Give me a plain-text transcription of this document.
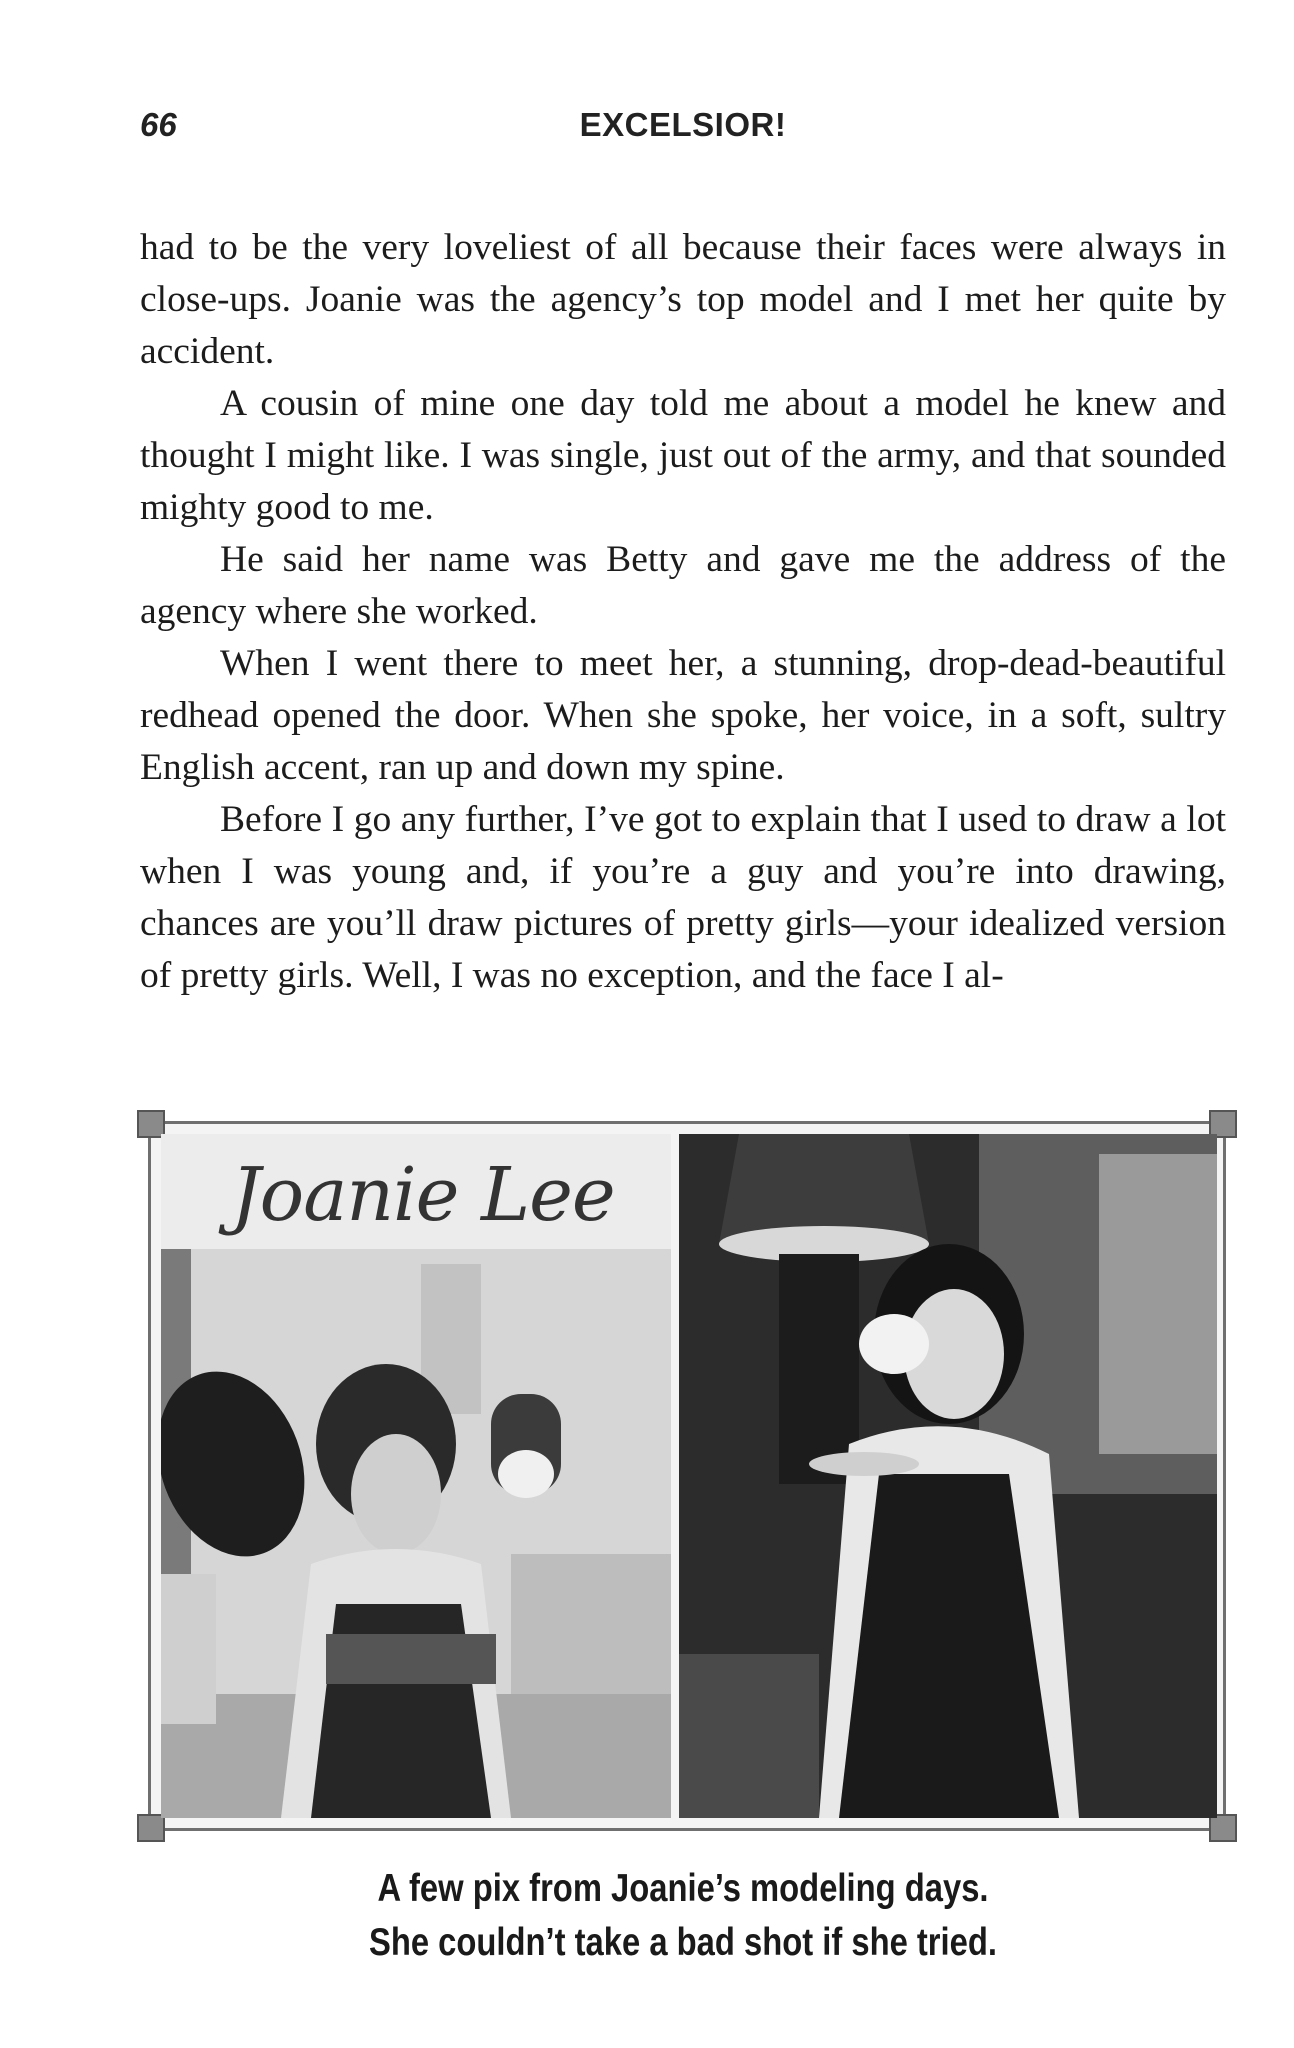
66	EXCELSIOR!

had to be the very loveliest of all because their faces were always in close-ups. Joanie was the agency’s top model and I met her quite by accident.

A cousin of mine one day told me about a model he knew and thought I might like. I was single, just out of the army, and that sounded mighty good to me.

He said her name was Betty and gave me the address of the agency where she worked.

When I went there to meet her, a stunning, drop-dead-beautiful redhead opened the door. When she spoke, her voice, in a soft, sultry English accent, ran up and down my spine.

Before I go any further, I’ve got to explain that I used to draw a lot when I was young and, if you’re a guy and you’re into drawing, chances are you’ll draw pictures of pretty girls—your idealized version of pretty girls. Well, I was no exception, and the face I al-

Joanie Lee
A few pix from Joanie’s modeling days.
She couldn’t take a bad shot if she tried.
